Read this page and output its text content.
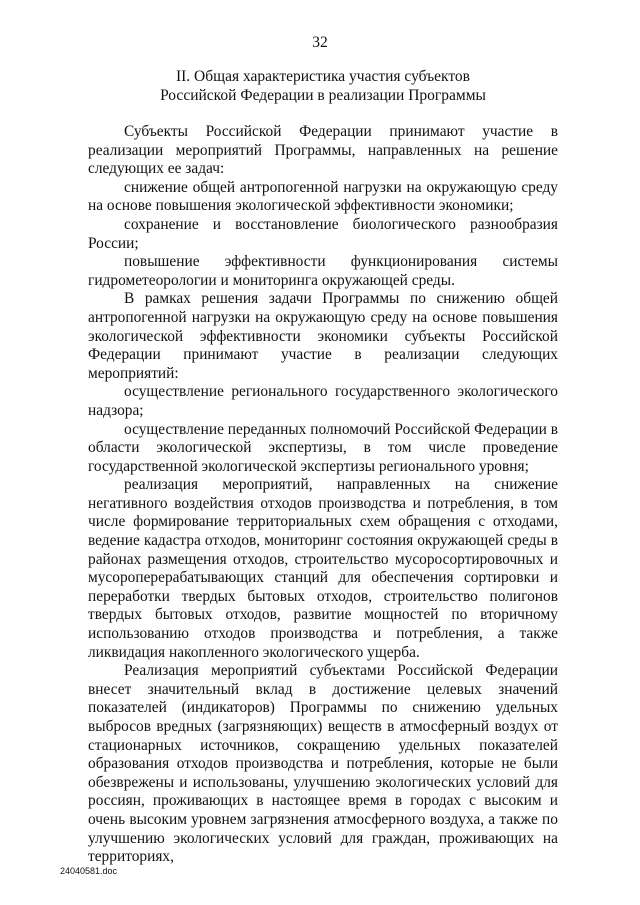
32

II. Общая характеристика участия субъектов
Российской Федерации в реализации Программы

Субъекты Российской Федерации принимают участие в реализации мероприятий Программы, направленных на решение следующих ее задач:

снижение общей антропогенной нагрузки на окружающую среду на основе повышения экологической эффективности экономики;

сохранение и восстановление биологического разнообразия России;

повышение эффективности функционирования системы гидрометеорологии и мониторинга окружающей среды.

В рамках решения задачи Программы по снижению общей антропогенной нагрузки на окружающую среду на основе повышения экологической эффективности экономики субъекты Российской Федерации принимают участие в реализации следующих мероприятий:

осуществление регионального государственного экологического надзора;

осуществление переданных полномочий Российской Федерации в области экологической экспертизы, в том числе проведение государственной экологической экспертизы регионального уровня;

реализация мероприятий, направленных на снижение негативного воздействия отходов производства и потребления, в том числе формирование территориальных схем обращения с отходами, ведение кадастра отходов, мониторинг состояния окружающей среды в районах размещения отходов, строительство мусоросортировочных и мусороперерабатывающих станций для обеспечения сортировки и переработки твердых бытовых отходов, строительство полигонов твердых бытовых отходов, развитие мощностей по вторичному использованию отходов производства и потребления, а также ликвидация накопленного экологического ущерба.

Реализация мероприятий субъектами Российской Федерации внесет значительный вклад в достижение целевых значений показателей (индикаторов) Программы по снижению удельных выбросов вредных (загрязняющих) веществ в атмосферный воздух от стационарных источников, сокращению удельных показателей образования отходов производства и потребления, которые не были обезврежены и использованы, улучшению экологических условий для россиян, проживающих в настоящее время в городах с высоким и очень высоким уровнем загрязнения атмосферного воздуха, а также по улучшению экологических условий для граждан, проживающих на территориях,

24040581.doc
